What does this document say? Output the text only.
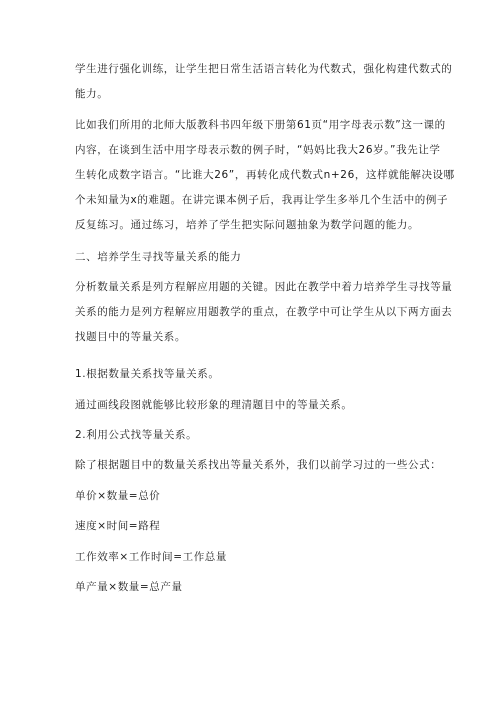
学生进行强化训练，让学生把日常生活语言转化为代数式，强化构建代数式的
能力。
比如我们所用的北师大版教科书四年级下册第61页“用字母表示数”这一课的
内容，在谈到生活中用字母表示数的例子时，“妈妈比我大26岁。”我先让学
生转化成数字语言。“比谁大26”，再转化成代数式n+26，这样就能解决设哪
个未知量为x的难题。在讲完课本例子后，我再让学生多举几个生活中的例子
反复练习。通过练习，培养了学生把实际问题抽象为数学问题的能力。
二、培养学生寻找等量关系的能力
分析数量关系是列方程解应用题的关键。因此在教学中着力培养学生寻找等量
关系的能力是列方程解应用题教学的重点，在教学中可让学生从以下两方面去
找题目中的等量关系。
1.根据数量关系找等量关系。
通过画线段图就能够比较形象的理清题目中的等量关系。
2.利用公式找等量关系。
除了根据题目中的数量关系找出等量关系外，我们以前学习过的一些公式：
单价×数量=总价
速度×时间=路程
工作效率×工作时间=工作总量
单产量×数量=总产量
